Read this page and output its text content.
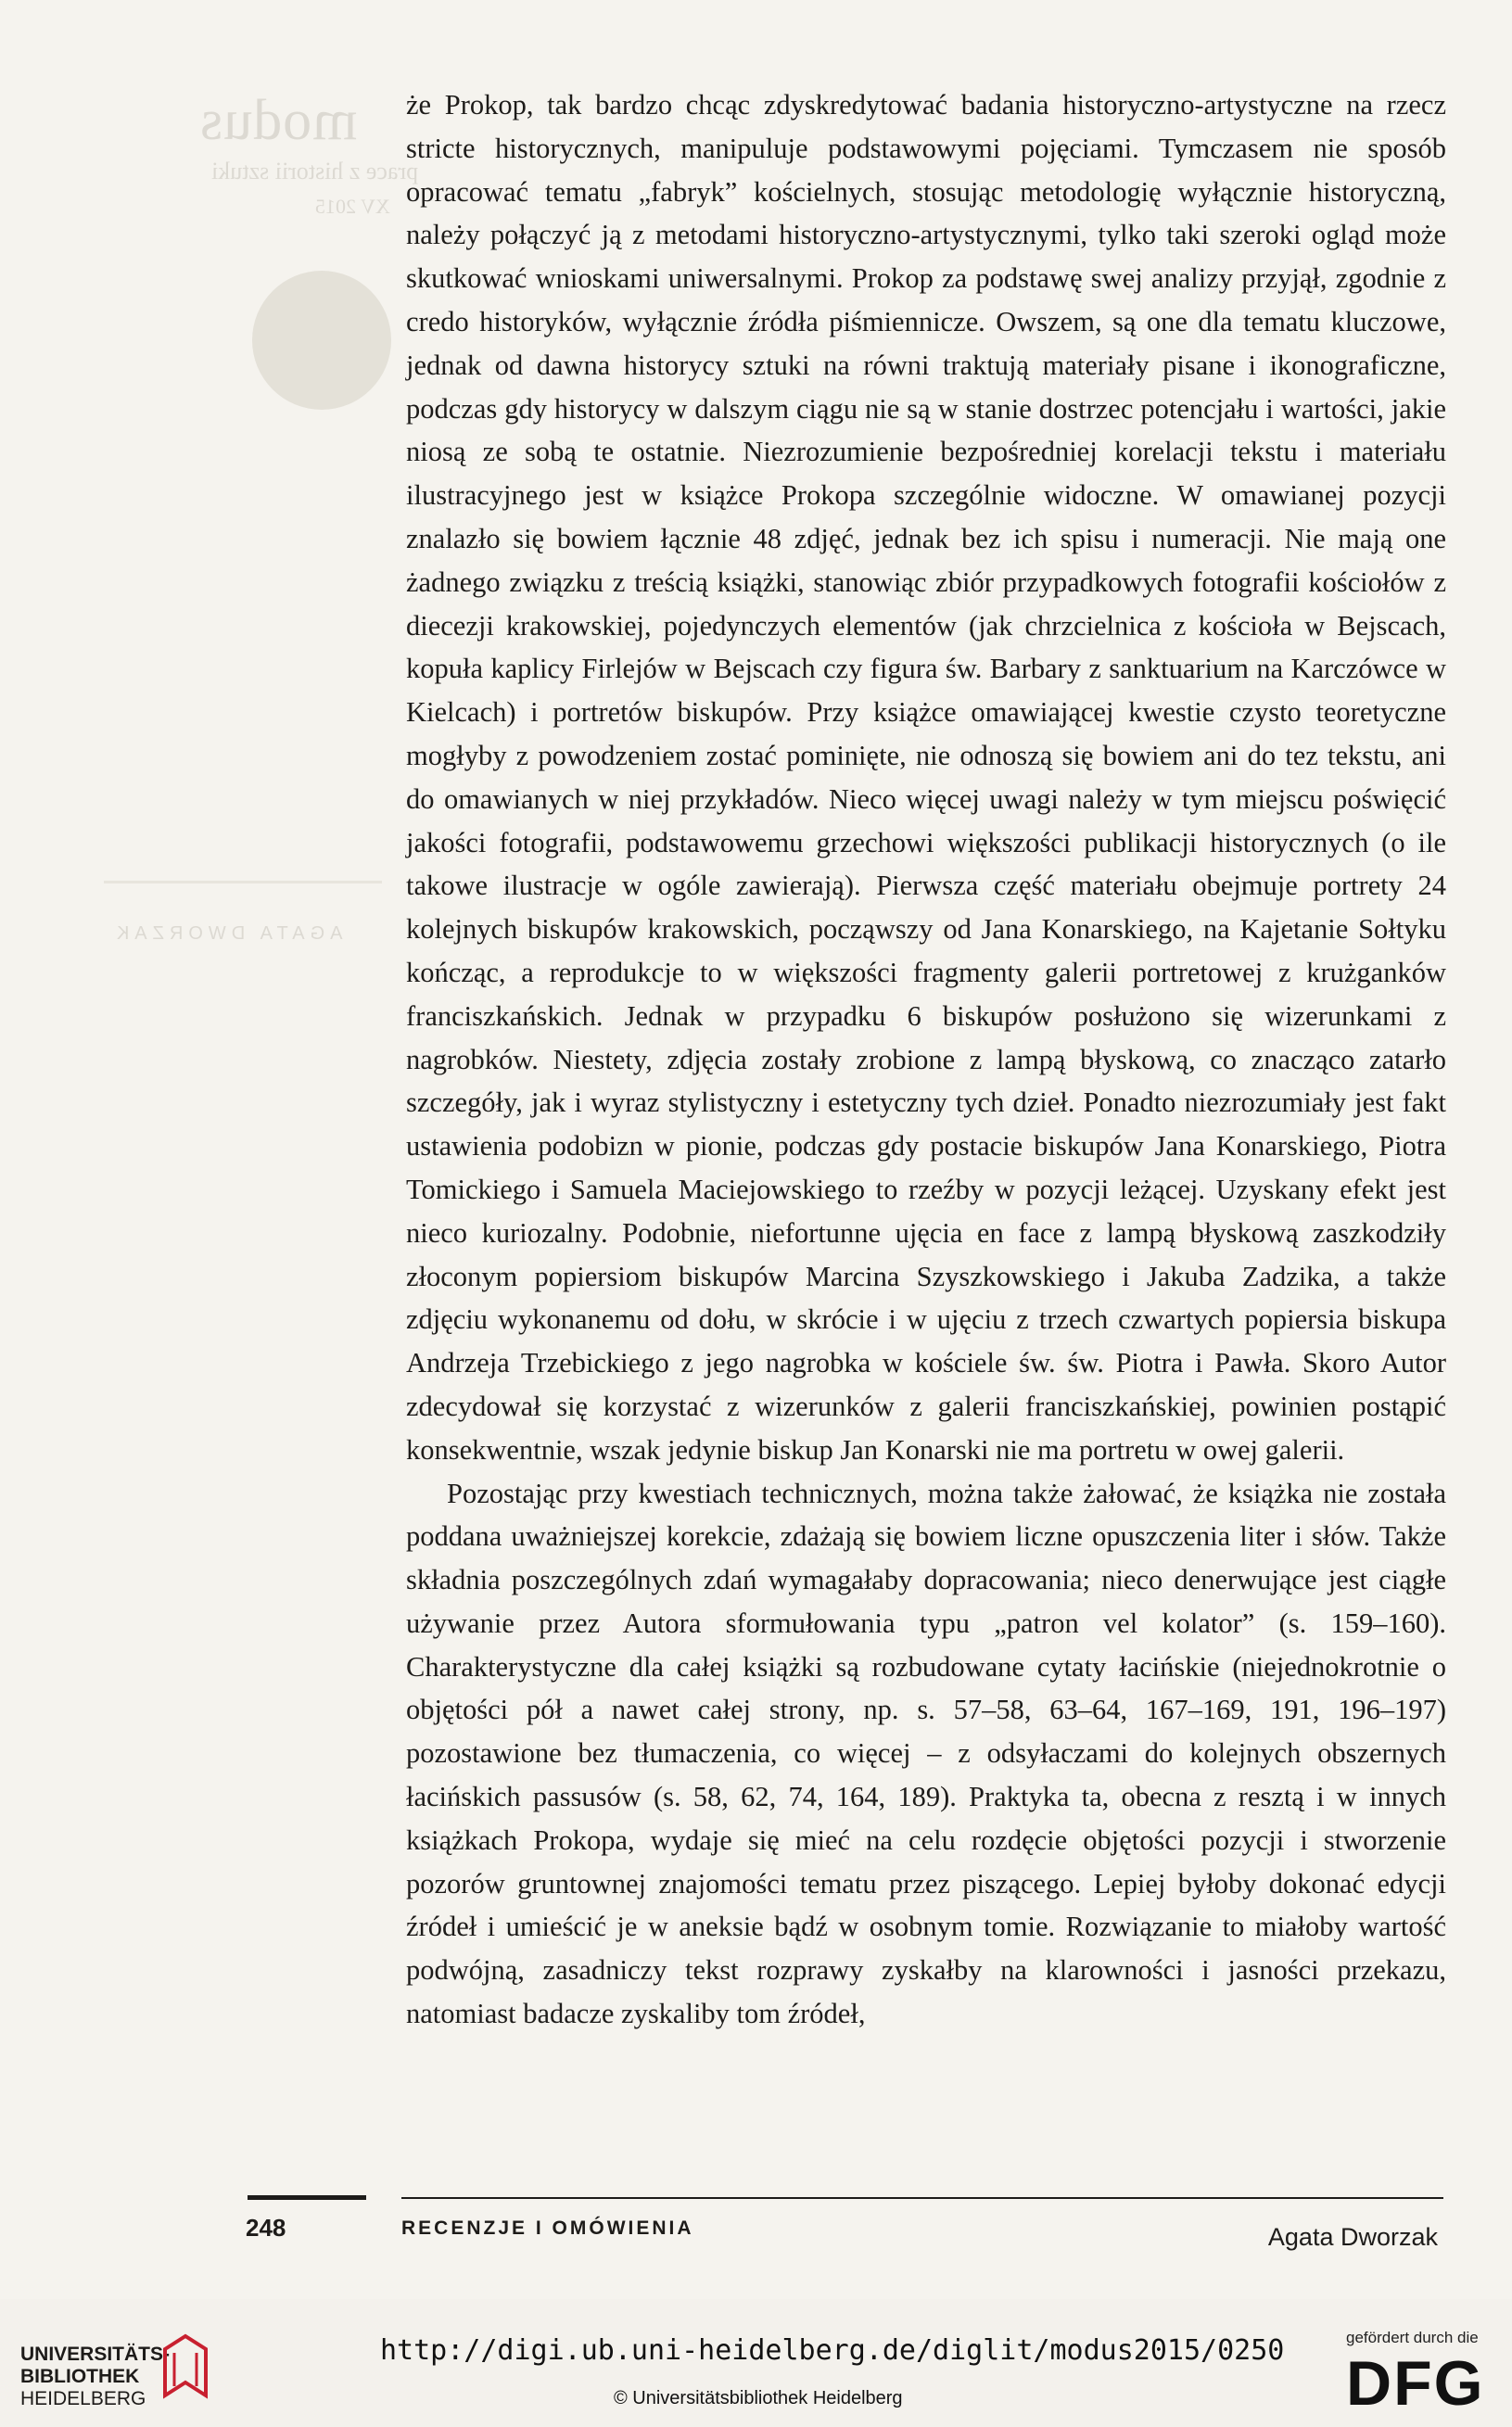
modus
prace z historii sztuki
XV 2015
AGATA DWORZAK

że Prokop, tak bardzo chcąc zdyskredytować badania historyczno-artystyczne na rzecz stricte historycznych, manipuluje podstawowymi pojęciami. Tymczasem nie sposób opracować tematu „fabryk” kościelnych, stosując metodologię wyłącznie historyczną, należy połączyć ją z metodami historyczno-artystycznymi, tylko taki szeroki ogląd może skutkować wnioskami uniwersalnymi. Prokop za podstawę swej analizy przyjął, zgodnie z credo historyków, wyłącznie źródła piśmiennicze. Owszem, są one dla tematu kluczowe, jednak od dawna historycy sztuki na równi traktują materiały pisane i ikonograficzne, podczas gdy historycy w dalszym ciągu nie są w stanie dostrzec potencjału i wartości, jakie niosą ze sobą te ostatnie. Niezrozumienie bezpośredniej korelacji tekstu i materiału ilustracyjnego jest w książce Prokopa szczególnie widoczne. W omawianej pozycji znalazło się bowiem łącznie 48 zdjęć, jednak bez ich spisu i numeracji. Nie mają one żadnego związku z treścią książki, stanowiąc zbiór przypadkowych fotografii kościołów z diecezji krakowskiej, pojedynczych elementów (jak chrzcielnica z kościoła w Bejscach, kopuła kaplicy Firlejów w Bejscach czy figura św. Barbary z sanktuarium na Karczówce w Kielcach) i portretów biskupów. Przy książce omawiającej kwestie czysto teoretyczne mogłyby z powodzeniem zostać pominięte, nie odnoszą się bowiem ani do tez tekstu, ani do omawianych w niej przykładów. Nieco więcej uwagi należy w tym miejscu poświęcić jakości fotografii, podstawowemu grzechowi większości publikacji historycznych (o ile takowe ilustracje w ogóle zawierają). Pierwsza część materiału obejmuje portrety 24 kolejnych biskupów krakowskich, począwszy od Jana Konarskiego, na Kajetanie Sołtyku kończąc, a reprodukcje to w większości fragmenty galerii portretowej z krużganków franciszkańskich. Jednak w przypadku 6 biskupów posłużono się wizerunkami z nagrobków. Niestety, zdjęcia zostały zrobione z lampą błyskową, co znacząco zatarło szczegóły, jak i wyraz stylistyczny i estetyczny tych dzieł. Ponadto niezrozumiały jest fakt ustawienia podobizn w pionie, podczas gdy postacie biskupów Jana Konarskiego, Piotra Tomickiego i Samuela Maciejowskiego to rzeźby w pozycji leżącej. Uzyskany efekt jest nieco kuriozalny. Podobnie, niefortunne ujęcia en face z lampą błyskową zaszkodziły złoconym popiersiom biskupów Marcina Szyszkowskiego i Jakuba Zadzika, a także zdjęciu wykonanemu od dołu, w skrócie i w ujęciu z trzech czwartych popiersia biskupa Andrzeja Trzebickiego z jego nagrobka w kościele św. św. Piotra i Pawła. Skoro Autor zdecydował się korzystać z wizerunków z galerii franciszkańskiej, powinien postąpić konsekwentnie, wszak jedynie biskup Jan Konarski nie ma portretu w owej galerii.

Pozostając przy kwestiach technicznych, można także żałować, że książka nie została poddana uważniejszej korekcie, zdażają się bowiem liczne opuszczenia liter i słów. Także składnia poszczególnych zdań wymagałaby dopracowania; nieco denerwujące jest ciągłe używanie przez Autora sformułowania typu „patron vel kolator” (s. 159–160). Charakterystyczne dla całej książki są rozbudowane cytaty łacińskie (niejednokrotnie o objętości pół a nawet całej strony, np. s. 57–58, 63–64, 167–169, 191, 196–197) pozostawione bez tłumaczenia, co więcej – z odsyłaczami do kolejnych obszernych łacińskich passusów (s. 58, 62, 74, 164, 189). Praktyka ta, obecna z resztą i w innych książkach Prokopa, wydaje się mieć na celu rozdęcie objętości pozycji i stworzenie pozorów gruntownej znajomości tematu przez piszącego. Lepiej byłoby dokonać edycji źródeł i umieścić je w aneksie bądź w osobnym tomie. Rozwiązanie to miałoby wartość podwójną, zasadniczy tekst rozprawy zyskałby na klarowności i jasności przekazu, natomiast badacze zyskaliby tom źródeł,

248	RECENZJE I OMÓWIENIA	Agata Dworzak
UNIVERSITÄTS-
BIBLIOTHEK
HEIDELBERG
http://digi.ub.uni-heidelberg.de/diglit/modus2015/0250
© Universitätsbibliothek Heidelberg
gefördert durch die
DFG
